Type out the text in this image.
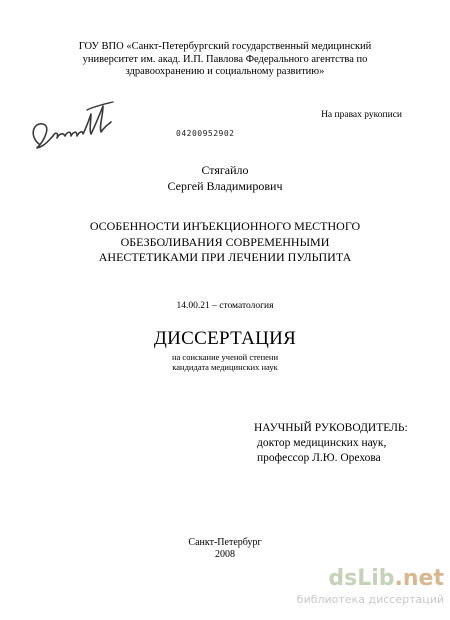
ГОУ ВПО «Санкт-Петербургский государственный медицинский
университет им. акад. И.П. Павлова Федерального агентства по
здравоохранению и социальному развитию»
На правах рукописи
04200952902
Стягайло
Сергей Владимирович
ОСОБЕННОСТИ ИНЪЕКЦИОННОГО МЕСТНОГО
ОБЕЗБОЛИВАНИЯ СОВРЕМЕННЫМИ
АНЕСТЕТИКАМИ ПРИ ЛЕЧЕНИИ ПУЛЬПИТА
14.00.21 – стоматология
ДИССЕРТАЦИЯ
на соискание ученой степени
кандидата медицинских наук
НАУЧНЫЙ РУКОВОДИТЕЛЬ:
доктор медицинских наук,
профессор Л.Ю. Орехова
Санкт-Петербург
2008
dsLib.net
библиотека диссертаций
